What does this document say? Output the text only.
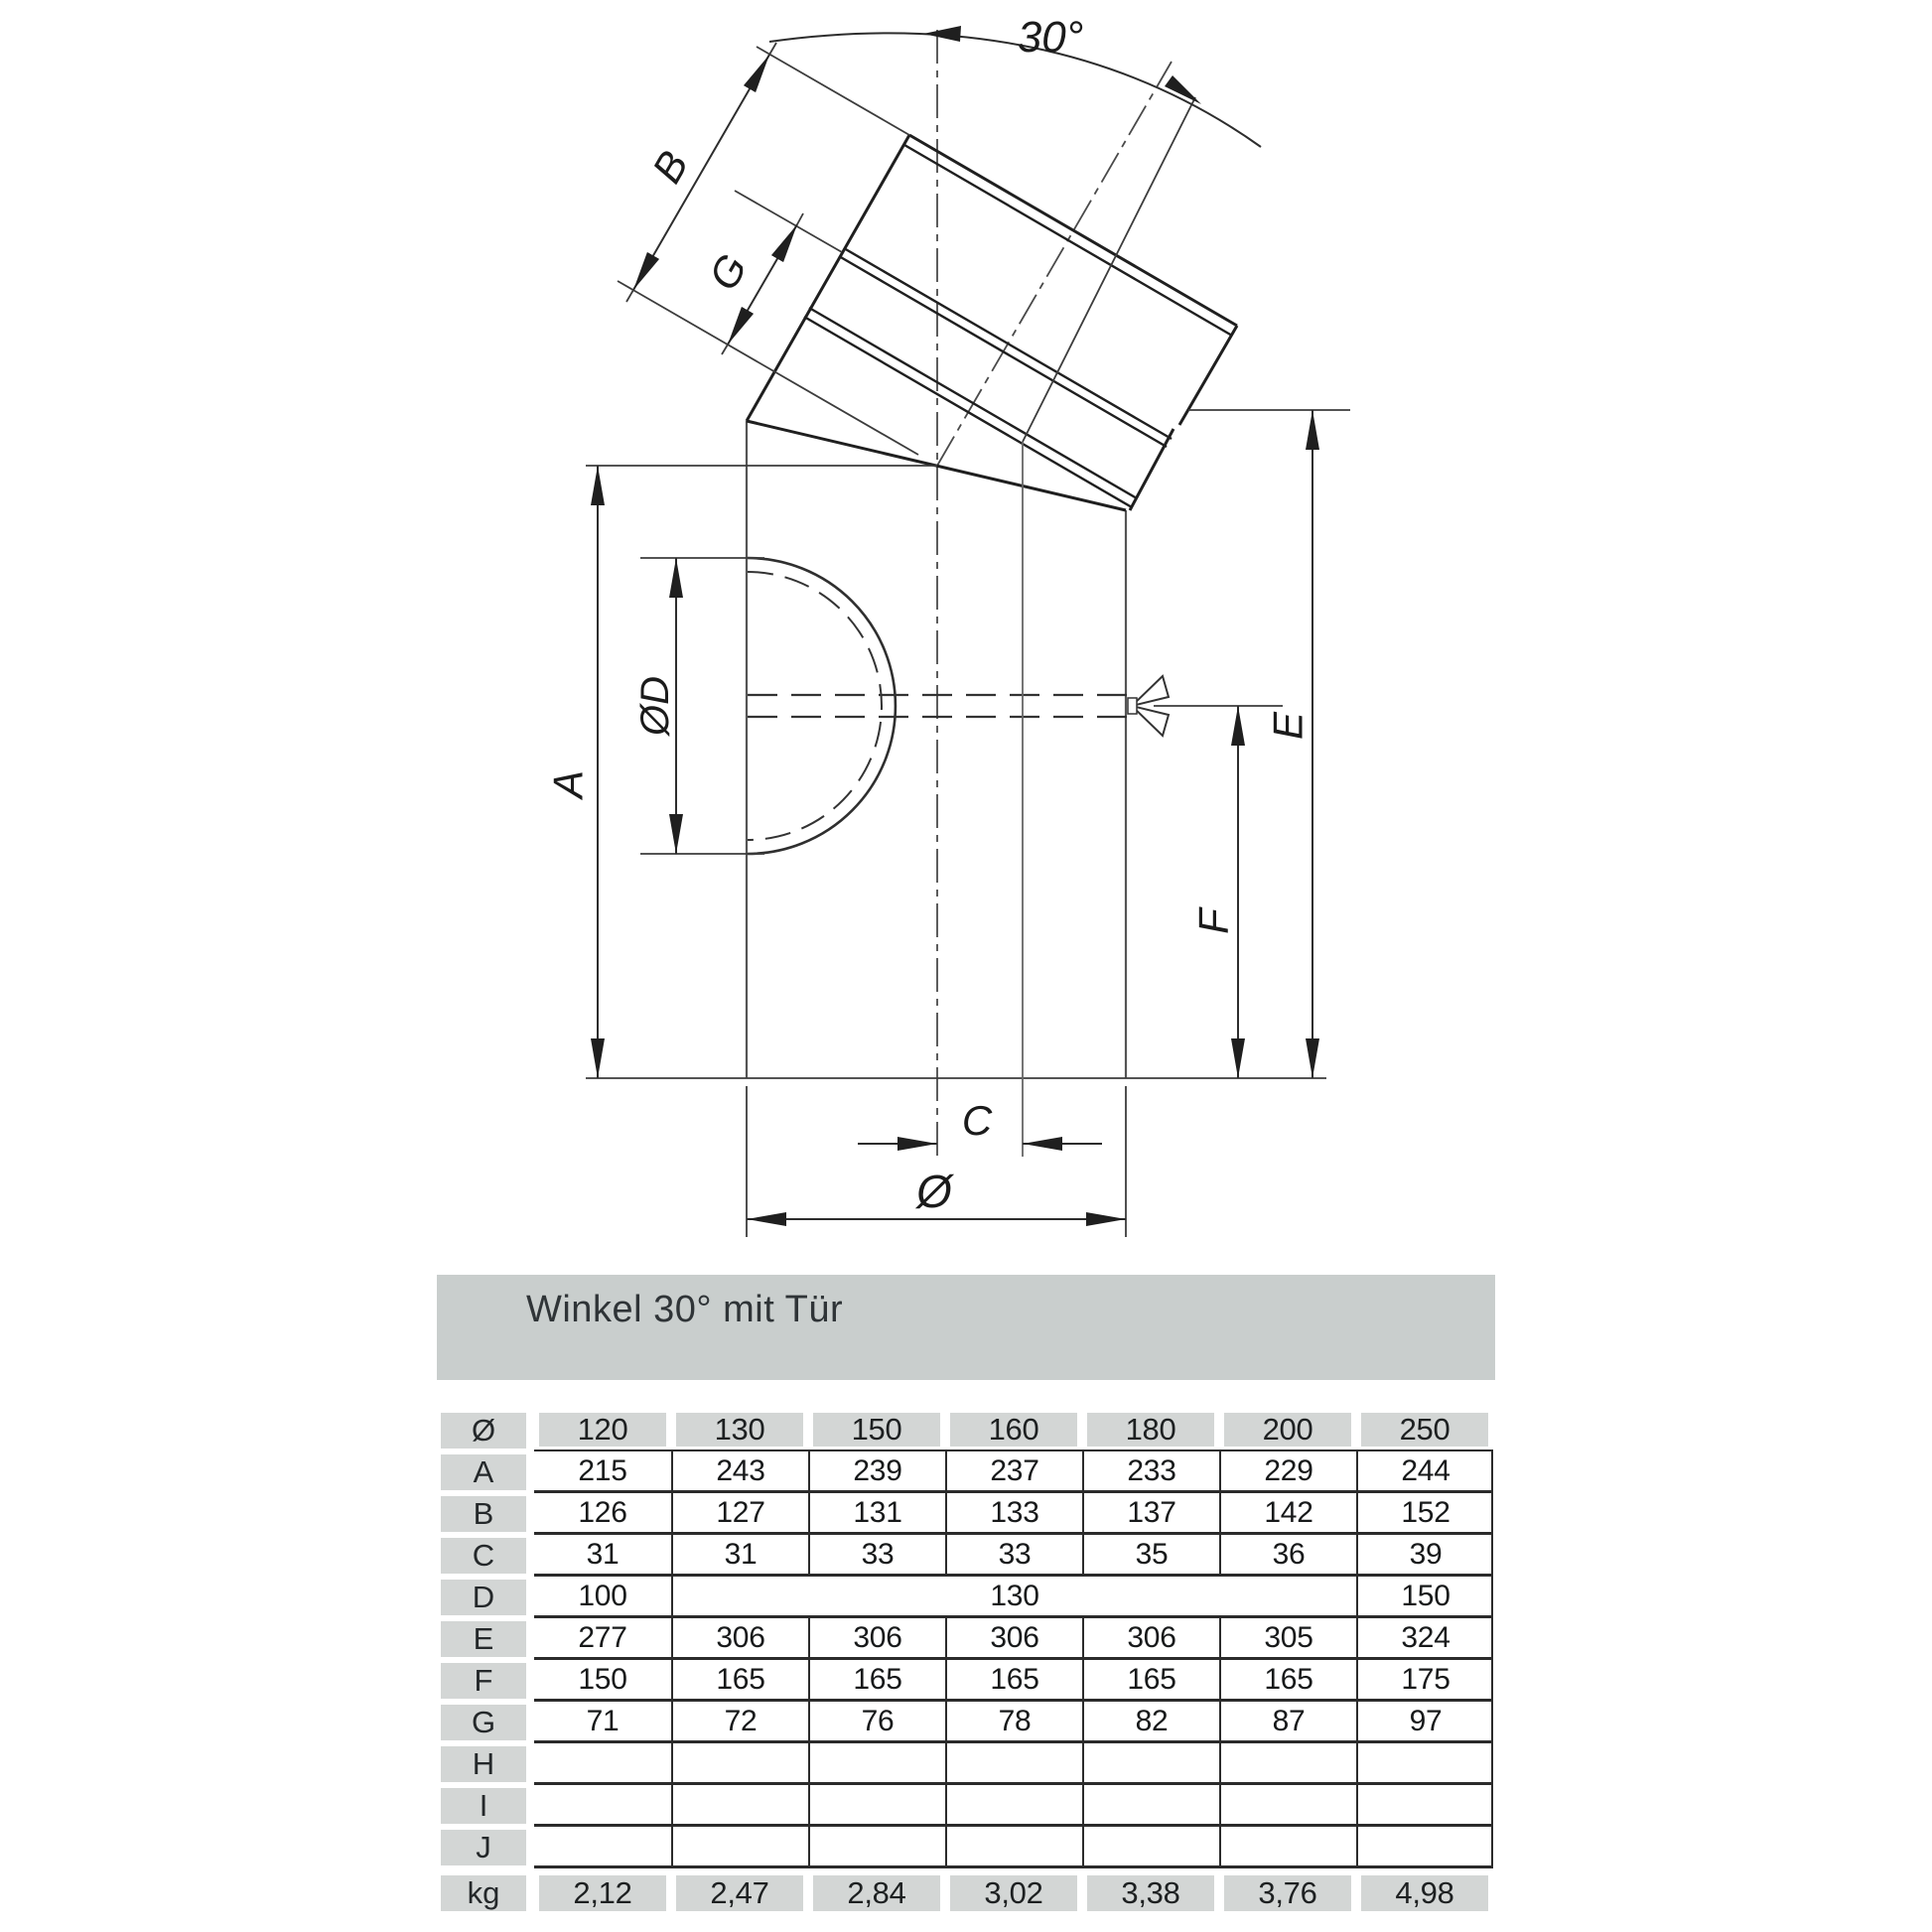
30°
B
G
A
ØD	E
F
C
Ø
Winkel 30° mit Tür
Ø	120	130	150	160	180	200	250
A	215	243	239	237	233	229	244
B	126	127	131	133	137	142	152
C	31	31	33	33	35	36	39
D	100	130	150
E	277	306	306	306	306	305	324
F	150	165	165	165	165	165	175
G	71	72	76	78	82	87	97
H
I
J
kg	2,12	2,47	2,84	3,02	3,38	3,76	4,98
